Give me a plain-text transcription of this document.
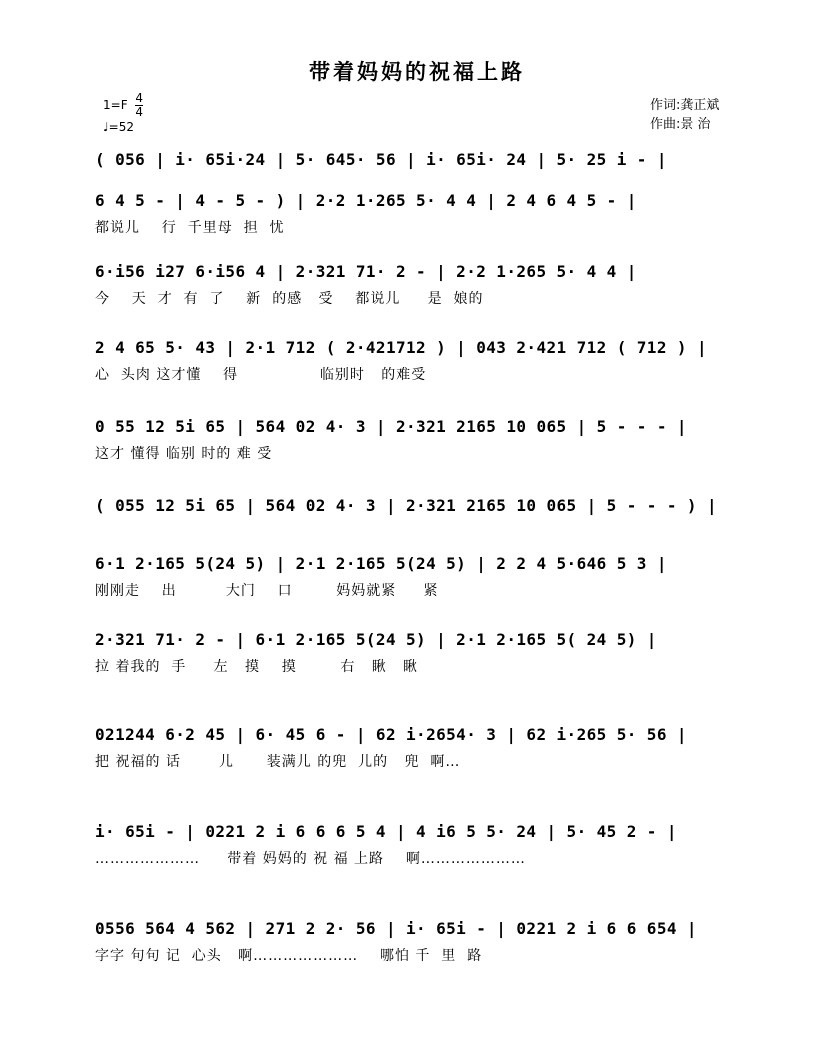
带着妈妈的祝福上路
$1=F \frac{4}{4}$
♩=52
作词:龚正斌
作曲:景 治
( 056 | i· 65i·24 | 5· 645· 56 | i· 65i· 24 | 5· 25 i - |
6 4 5 - | 4 - 5 - ) | 2·2 1·265 5· 4 4 | 2 4 6 4 5 - |
都说儿    行  千里母  担  忧
6·i56 i27 6·i56 4 | 2·321 71· 2 - | 2·2 1·265 5· 4 4 |
今    天  才  有  了    新  的感   受    都说儿     是  娘的
2 4 65 5· 43 | 2·1 712 ( 2·421712 ) | 043 2·421 712 ( 712 ) |
心  头肉 这才懂    得               临别时   的难受
0 55 12 5i 65 | 564 02 4· 3 | 2·321 2165 10 065 | 5 - - - |
这才 懂得 临别 时的 难 受
( 055 12 5i 65 | 564 02 4· 3 | 2·321 2165 10 065 | 5 - - - ) |
6·1 2·165 5(24 5) | 2·1 2·165 5(24 5) | 2 2 4 5·646 5 3 |
刚刚走    出         大门    口        妈妈就紧     紧
2·321 71· 2 - | 6·1 2·165 5(24 5) | 2·1 2·165 5( 24 5) |
拉 着我的  手     左   摸    摸        右   瞅   瞅
021244 6·2 45 | 6· 45 6 - | 62 i·2654· 3 | 62 i·265 5· 56 |
把 祝福的 话       儿      装满儿 的兜  儿的   兜  啊…
i· 65i - | 0221 2 i 6 6 6 5 4 | 4 i6 5 5· 24 | 5· 45 2 - |
…………………     带着 妈妈的 祝 福 上路    啊…………………
0556 564 4 562 | 271 2 2· 56 | i· 65i - | 0221 2 i 6 6 654 |
字字 句句 记  心头   啊…………………    哪怕 千  里  路
